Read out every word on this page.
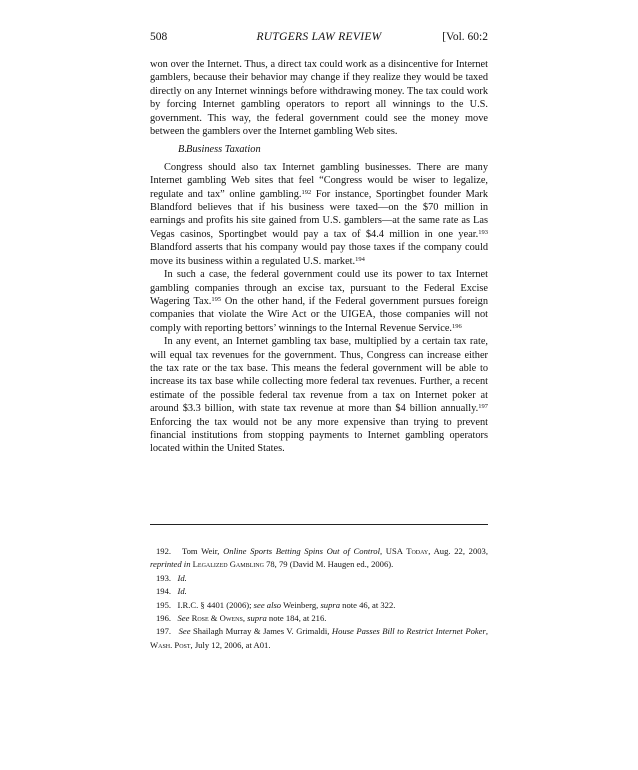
508	RUTGERS LAW REVIEW	[Vol. 60:2

won over the Internet. Thus, a direct tax could work as a disincentive for Internet gamblers, because their behavior may change if they realize they would be taxed directly on any Internet winnings before withdrawing money. The tax could work by forcing Internet gambling operators to report all winnings to the U.S. government. This way, the federal government could see the money move between the gamblers over the Internet gambling Web sites.

B.Business Taxation

Congress should also tax Internet gambling businesses. There are many Internet gambling Web sites that feel “Congress would be wiser to legalize, regulate and tax” online gambling.$^{192}$ For instance, Sportingbet founder Mark Blandford believes that if his business were taxed—on the $70 million in earnings and profits his site gained from U.S. gamblers—at the same rate as Las Vegas casinos, Sportingbet would pay a tax of $4.4 million in one year.$^{193}$ Blandford asserts that his company would pay those taxes if the company could move its business within a regulated U.S. market.$^{194}$

In such a case, the federal government could use its power to tax Internet gambling companies through an excise tax, pursuant to the Federal Excise Wagering Tax.$^{195}$ On the other hand, if the Federal government pursues foreign companies that violate the Wire Act or the UIGEA, those companies will not comply with reporting bettors’ winnings to the Internal Revenue Service.$^{196}$

In any event, an Internet gambling tax base, multiplied by a certain tax rate, will equal tax revenues for the government. Thus, Congress can increase either the tax rate or the tax base. This means the federal government will be able to increase its tax base while collecting more federal tax revenues. Further, a recent estimate of the possible federal tax revenue from a tax on Internet poker at around $3.3 billion, with state tax revenue at more than $4 billion annually.$^{197}$ Enforcing the tax would not be any more expensive than trying to prevent financial institutions from stopping payments to Internet gambling operators located within the United States.

192. Tom Weir, Online Sports Betting Spins Out of Control, USA Today, Aug. 22, 2003, reprinted in Legalized Gambling 78, 79 (David M. Haugen ed., 2006).

193. Id.

194. Id.

195. I.R.C. § 4401 (2006); see also Weinberg, supra note 46, at 322.

196. See Rose & Owens, supra note 184, at 216.

197. See Shailagh Murray & James V. Grimaldi, House Passes Bill to Restrict Internet Poker, Wash. Post, July 12, 2006, at A01.
